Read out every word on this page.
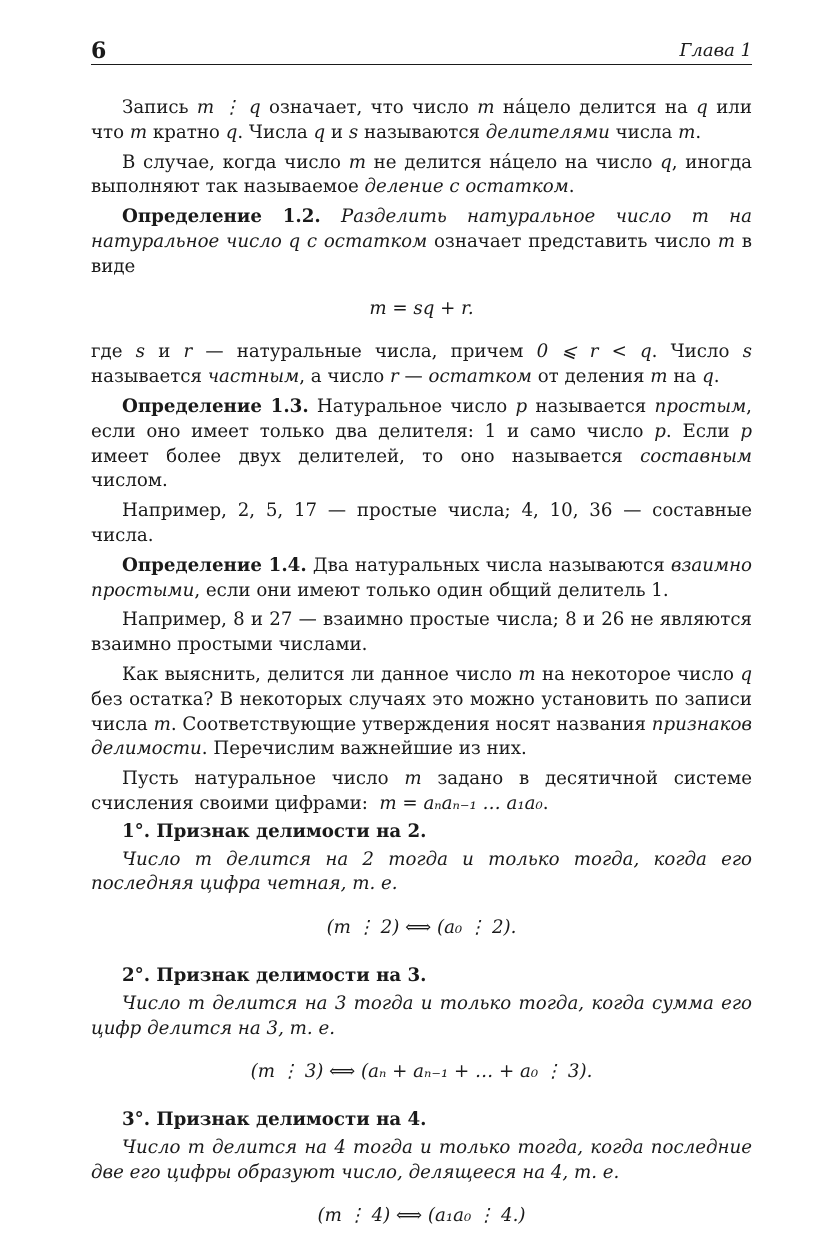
6	Глава 1

Запись m ⋮ q означает, что число m на́цело делится на q или что m кратно q. Числа q и s называются делителями числа m.

В случае, когда число m не делится на́цело на число q, иногда выполняют так называемое деление с остатком.

Определение 1.2. Разделить натуральное число m на натуральное число q с остатком означает представить число m в виде

m = sq + r.

где s и r — натуральные числа, причем 0 ⩽ r < q. Число s называется частным, а число r — остатком от деления m на q.

Определение 1.3. Натуральное число p называется простым, если оно имеет только два делителя: 1 и само число p. Если p имеет более двух делителей, то оно называется составным числом.

Например, 2, 5, 17 — простые числа; 4, 10, 36 — составные числа.

Определение 1.4. Два натуральных числа называются взаимно простыми, если они имеют только один общий делитель 1.

Например, 8 и 27 — взаимно простые числа; 8 и 26 не являются взаимно простыми числами.

Как выяснить, делится ли данное число m на некоторое число q без остатка? В некоторых случаях это можно установить по записи числа m. Соответствующие утверждения носят названия признаков делимости. Перечислим важнейшие из них.

Пусть натуральное число m задано в десятичной системе счисления своими цифрами: m = aₙaₙ₋₁ … a₁a₀.

1°. Признак делимости на 2.
Число m делится на 2 тогда и только тогда, когда его последняя цифра четная, т. е.
(m ⋮ 2) ⟺ (a₀ ⋮ 2).
2°. Признак делимости на 3.
Число m делится на 3 тогда и только тогда, когда сумма его цифр делится на 3, т. е.
(m ⋮ 3) ⟺ (aₙ + aₙ₋₁ + … + a₀ ⋮ 3).
3°. Признак делимости на 4.
Число m делится на 4 тогда и только тогда, когда последние две его цифры образуют число, делящееся на 4, т. е.
(m ⋮ 4) ⟺ (a₁a₀ ⋮ 4.)
